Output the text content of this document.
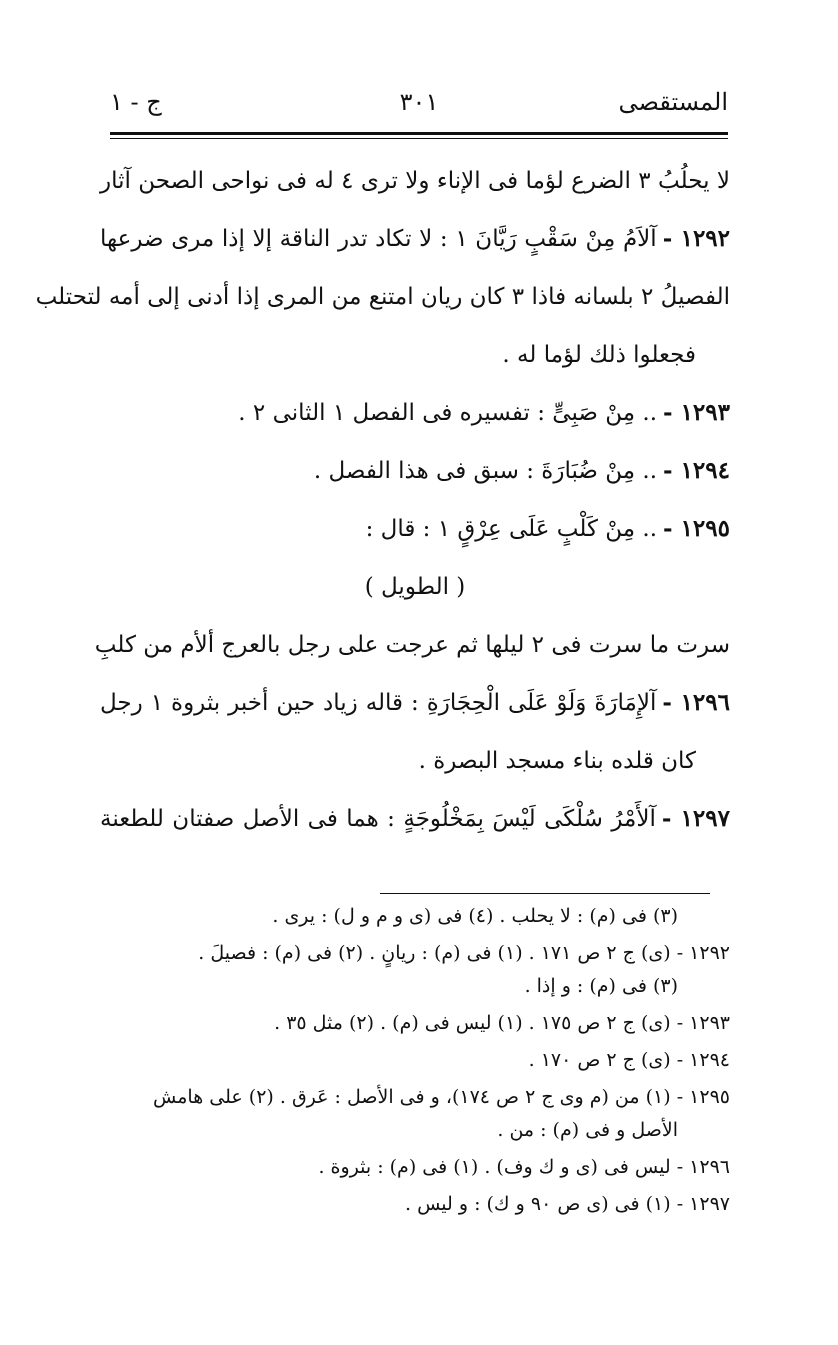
المستقصى
٣٠١
ج - ١
لا يحلُبُ ٣ الضرع لؤما فى الإناء ولا ترى ٤ له فى نواحى الصحن آثار
١٢٩٢ -آلاَمُ مِنْ سَقْبٍ رَيَّانَ ١ : لا تكاد تدر الناقة إلا إذا مرى ضرعها
الفصيلُ ٢ بلسانه فاذا ٣ كان ريان امتنع من المرى إذا أدنى إلى أمه لتحتلب
فجعلوا ذلك لؤما له .
١٢٩٣ -.. مِنْ صَبِىٍّ : تفسيره فى الفصل ١ الثانى ٢ .
١٢٩٤ -.. مِنْ ضُبَارَةَ : سبق فى هذا الفصل .
١٢٩٥ -.. مِنْ كَلْبٍ عَلَى عِرْقٍ ١ : قال :
( الطويل )
سرت ما سرت فى ٢ ليلها ثم عرجت على رجل بالعرج ألأم من كلبِ
١٢٩٦ -آلإِمَارَةَ وَلَوْ عَلَى الْحِجَارَةِ : قاله زياد حين أخبر بثروة ١ رجل
كان قلده بناء مسجد البصرة .
١٢٩٧ -آلأَمْرُ سُلْكَى لَيْسَ بِمَخْلُوجَةٍ : هما فى الأصل صفتان للطعنة
(٣) فى (م) : لا يحلب . (٤) فى (ى و م و ل) : يرى .
١٢٩٢ - (ى) ج ٢ ص ١٧١ . (١) فى (م) : ريانٍ . (٢) فى (م) : فصيلَ .
(٣) فى (م) : و إذا .
١٢٩٣ - (ى) ج ٢ ص ١٧٥ . (١) ليس فى (م) . (٢) مثل ٣٥ .
١٢٩٤ - (ى) ج ٢ ص ١٧٠ .
١٢٩٥ - (١) من (م وى ج ٢ ص ١٧٤)، و فى الأصل : عَرق . (٢) على هامش
الأصل و فى (م) : من .
١٢٩٦ - ليس فى (ى و ك وف) . (١) فى (م) : بثروة .
١٢٩٧ - (١) فى (ى ص ٩٠ و ك) : و ليس .
